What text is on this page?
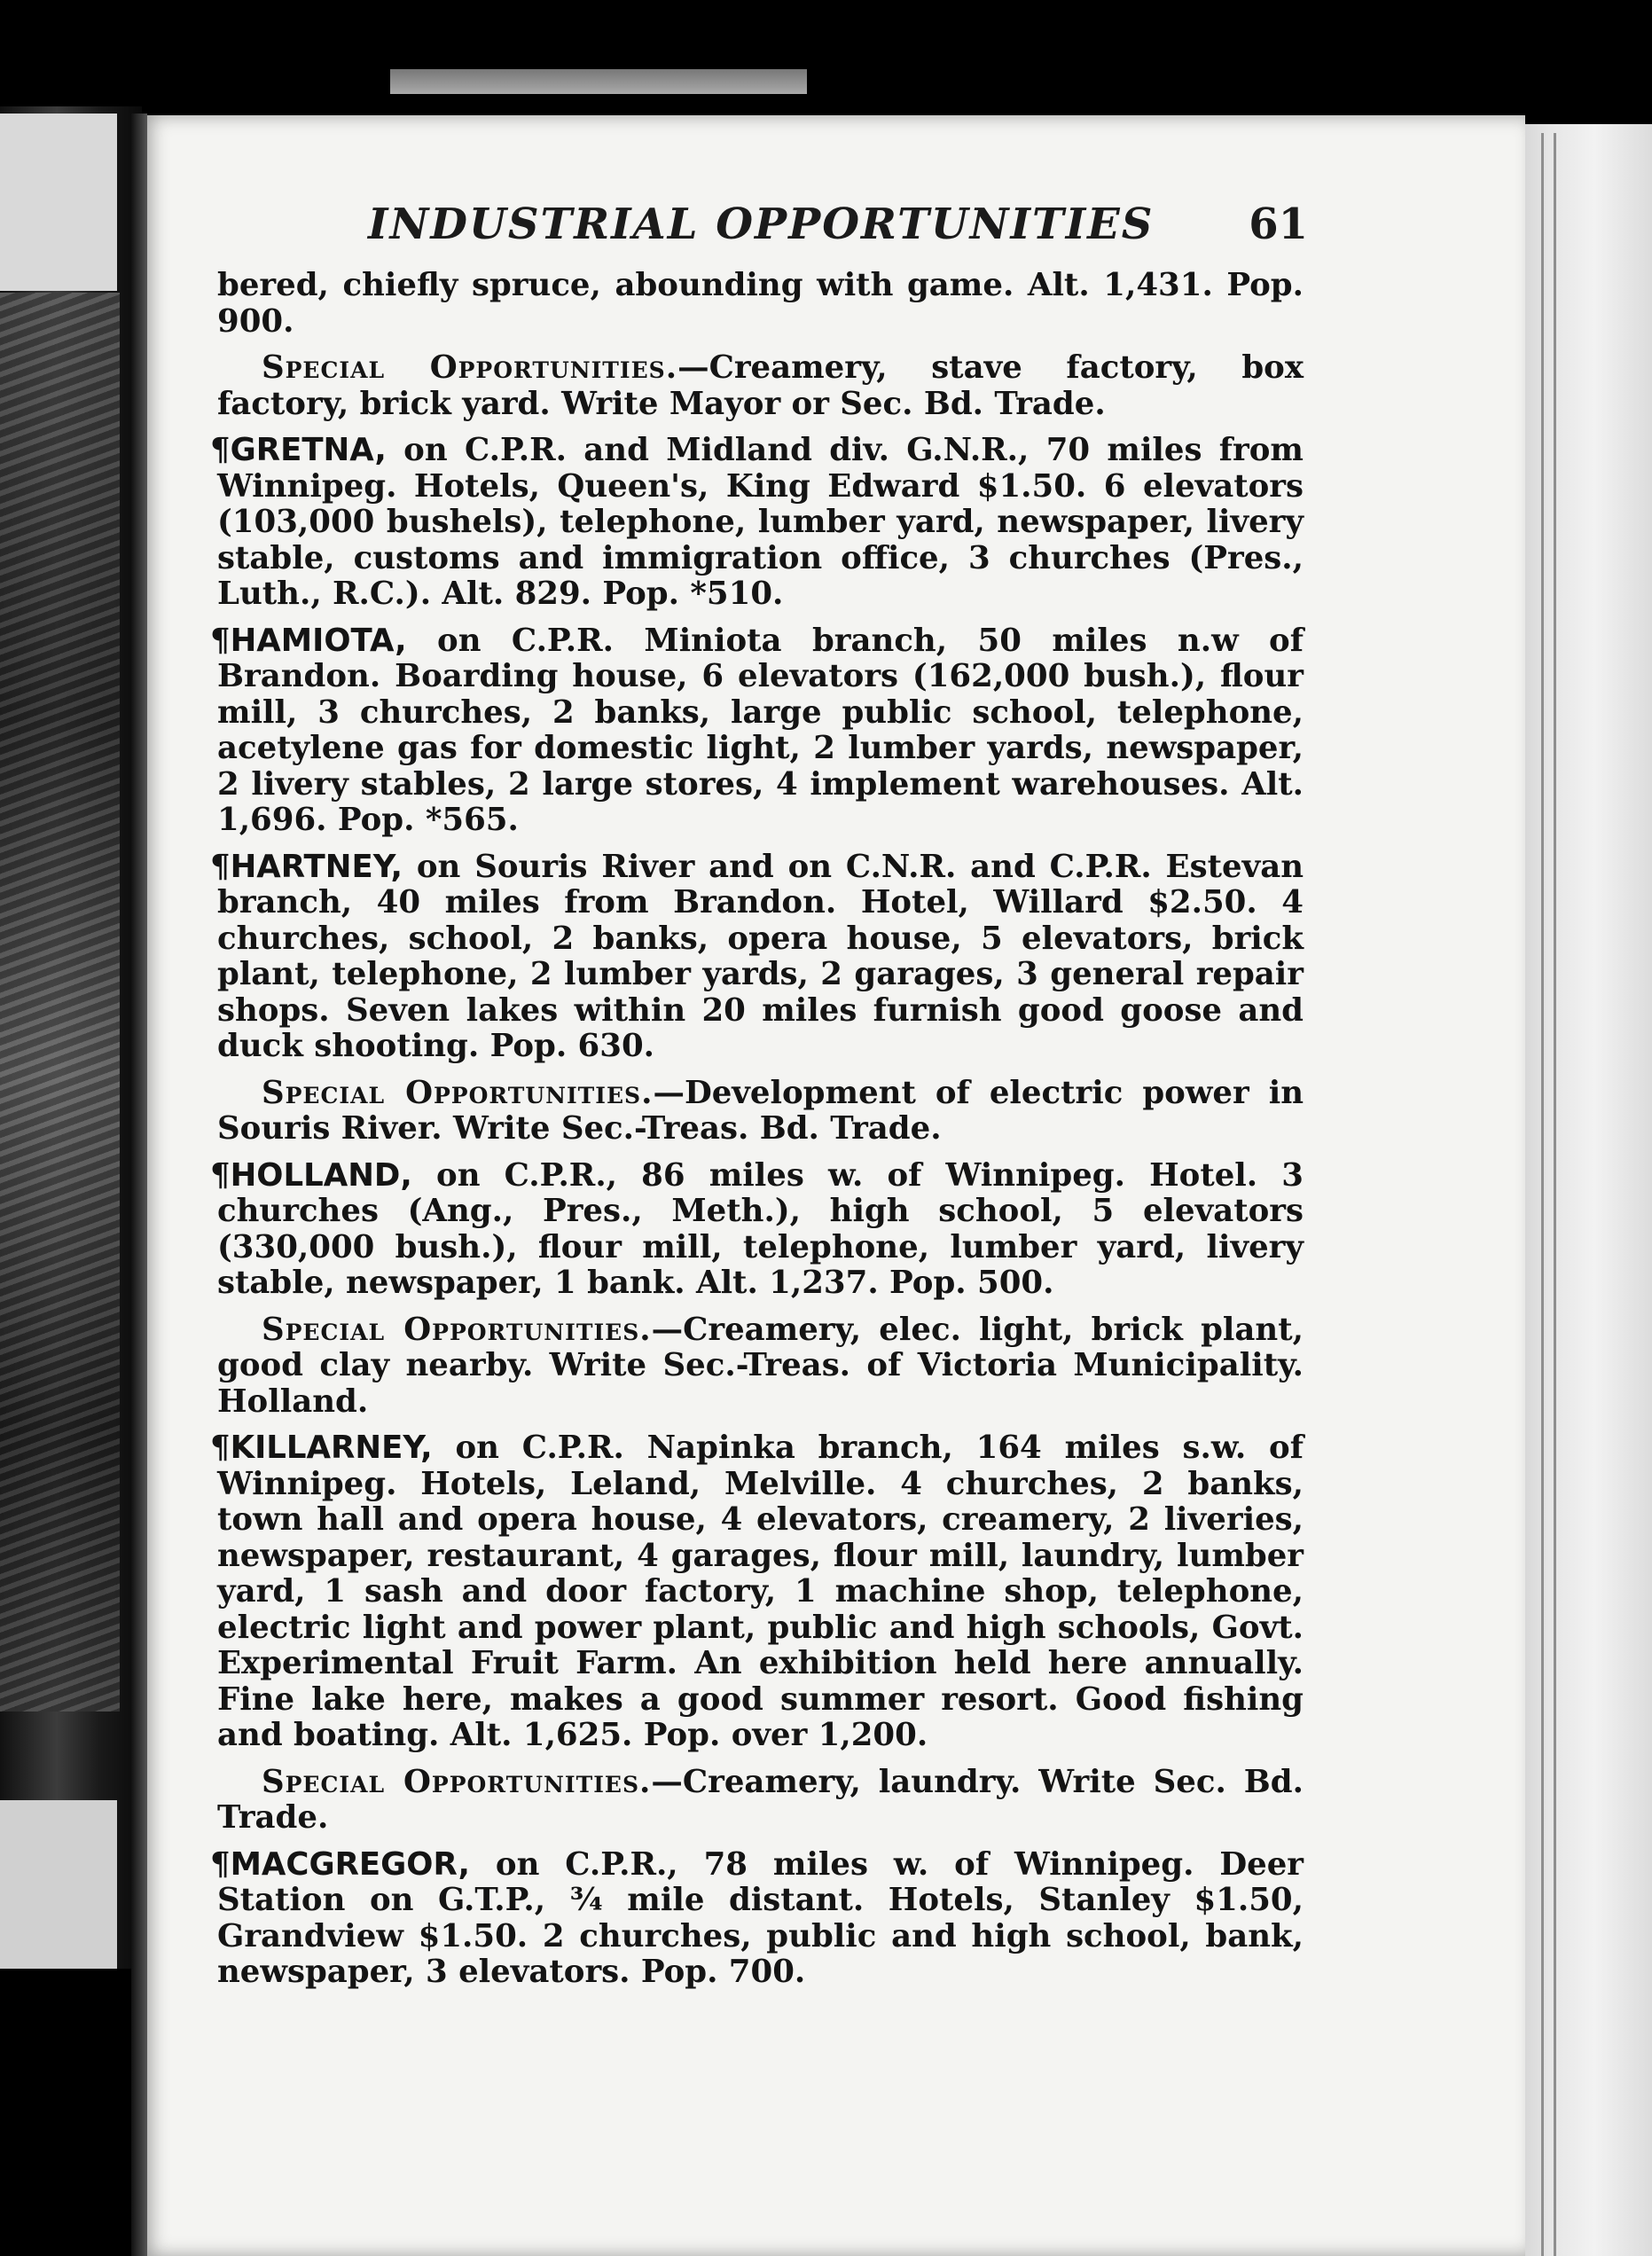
INDUSTRIAL OPPORTUNITIES 61

bered, chiefly spruce, abounding with game. Alt. 1,431. Pop. 900.

Special Opportunities.—Creamery, stave factory, box factory, brick yard. Write Mayor or Sec. Bd. Trade.

¶GRETNA, on C.P.R. and Midland div. G.N.R., 70 miles from Winnipeg. Hotels, Queen's, King Edward $1.50. 6 elevators (103,000 bushels), telephone, lumber yard, newspaper, livery stable, customs and immigration office, 3 churches (Pres., Luth., R.C.). Alt. 829. Pop. *510.

¶HAMIOTA, on C.P.R. Miniota branch, 50 miles n.w of Brandon. Boarding house, 6 elevators (162,000 bush.), flour mill, 3 churches, 2 banks, large public school, telephone, acetylene gas for domestic light, 2 lumber yards, newspaper, 2 livery stables, 2 large stores, 4 implement warehouses. Alt. 1,696. Pop. *565.

¶HARTNEY, on Souris River and on C.N.R. and C.P.R. Estevan branch, 40 miles from Brandon. Hotel, Willard $2.50. 4 churches, school, 2 banks, opera house, 5 elevators, brick plant, telephone, 2 lumber yards, 2 garages, 3 general repair shops. Seven lakes within 20 miles furnish good goose and duck shooting. Pop. 630.

Special Opportunities.—Development of electric power in Souris River. Write Sec.-Treas. Bd. Trade.

¶HOLLAND, on C.P.R., 86 miles w. of Winnipeg. Hotel. 3 churches (Ang., Pres., Meth.), high school, 5 elevators (330,000 bush.), flour mill, telephone, lumber yard, livery stable, newspaper, 1 bank. Alt. 1,237. Pop. 500.

Special Opportunities.—Creamery, elec. light, brick plant, good clay nearby. Write Sec.-Treas. of Victoria Municipality. Holland.

¶KILLARNEY, on C.P.R. Napinka branch, 164 miles s.w. of Winnipeg. Hotels, Leland, Melville. 4 churches, 2 banks, town hall and opera house, 4 elevators, creamery, 2 liveries, newspaper, restaurant, 4 garages, flour mill, laundry, lumber yard, 1 sash and door factory, 1 machine shop, telephone, electric light and power plant, public and high schools, Govt. Experimental Fruit Farm. An exhibition held here annually. Fine lake here, makes a good summer resort. Good fishing and boating. Alt. 1,625. Pop. over 1,200.

Special Opportunities.—Creamery, laundry. Write Sec. Bd. Trade.

¶MACGREGOR, on C.P.R., 78 miles w. of Winnipeg. Deer Station on G.T.P., ¾ mile distant. Hotels, Stanley $1.50, Grandview $1.50. 2 churches, public and high school, bank, newspaper, 3 elevators. Pop. 700.
